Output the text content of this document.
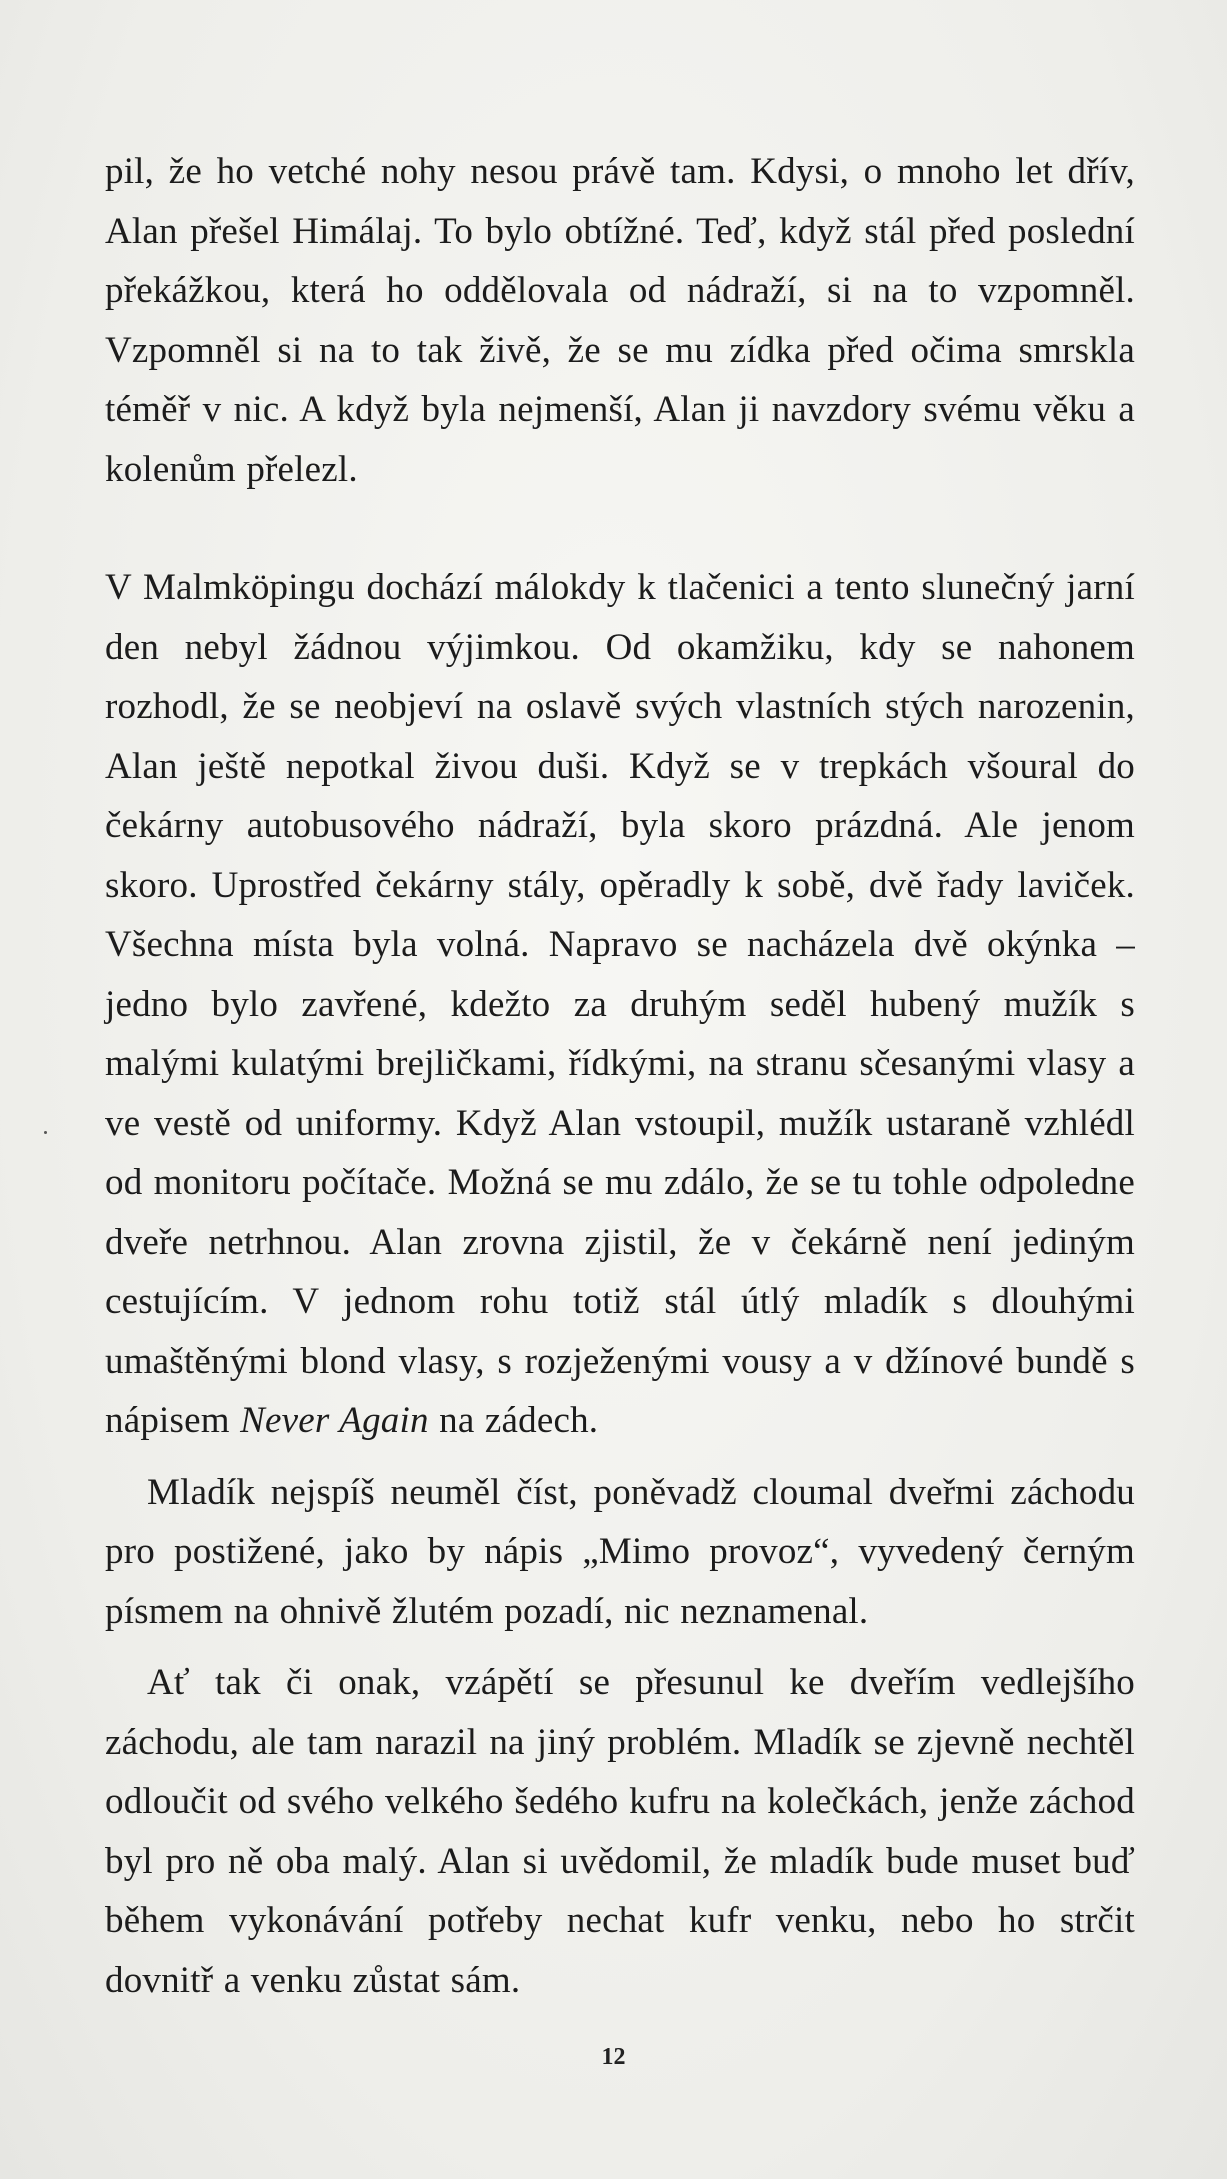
pil, že ho vetché nohy nesou právě tam. Kdysi, o mnoho let dřív, Alan přešel Himálaj. To bylo obtížné. Teď, když stál před poslední překážkou, která ho oddělovala od nádraží, si na to vzpomněl. Vzpomněl si na to tak živě, že se mu zídka před očima smrskla téměř v nic. A když byla nejmenší, Alan ji navzdory svému věku a kolenům přelezl.

V Malmköpingu dochází málokdy k tlačenici a tento slunečný jarní den nebyl žádnou výjimkou. Od okamžiku, kdy se nahonem rozhodl, že se neobjeví na oslavě svých vlastních stých narozenin, Alan ještě nepotkal živou duši. Když se v trepkách všoural do čekárny autobusového nádraží, byla skoro prázdná. Ale jenom skoro. Uprostřed čekárny stály, opěradly k sobě, dvě řady laviček. Všechna místa byla volná. Napravo se nacházela dvě okýnka – jedno bylo zavřené, kdežto za druhým seděl hubený mužík s malými kulatými brejličkami, řídkými, na stranu sčesanými vlasy a ve vestě od uniformy. Když Alan vstoupil, mužík ustaraně vzhlédl od monitoru počítače. Možná se mu zdálo, že se tu tohle odpoledne dveře netrhnou. Alan zrovna zjistil, že v čekárně není jediným cestujícím. V jednom rohu totiž stál útlý mladík s dlouhými umaštěnými blond vlasy, s rozježenými vousy a v džínové bundě s nápisem Never Again na zádech.

Mladík nejspíš neuměl číst, poněvadž cloumal dveřmi záchodu pro postižené, jako by nápis „Mimo provoz“, vyvedený černým písmem na ohnivě žlutém pozadí, nic neznamenal.

Ať tak či onak, vzápětí se přesunul ke dveřím vedlejšího záchodu, ale tam narazil na jiný problém. Mladík se zjevně nechtěl odloučit od svého velkého šedého kufru na kolečkách, jenže záchod byl pro ně oba malý. Alan si uvědomil, že mladík bude muset buď během vykonávání potřeby nechat kufr venku, nebo ho strčit dovnitř a venku zůstat sám.

12
